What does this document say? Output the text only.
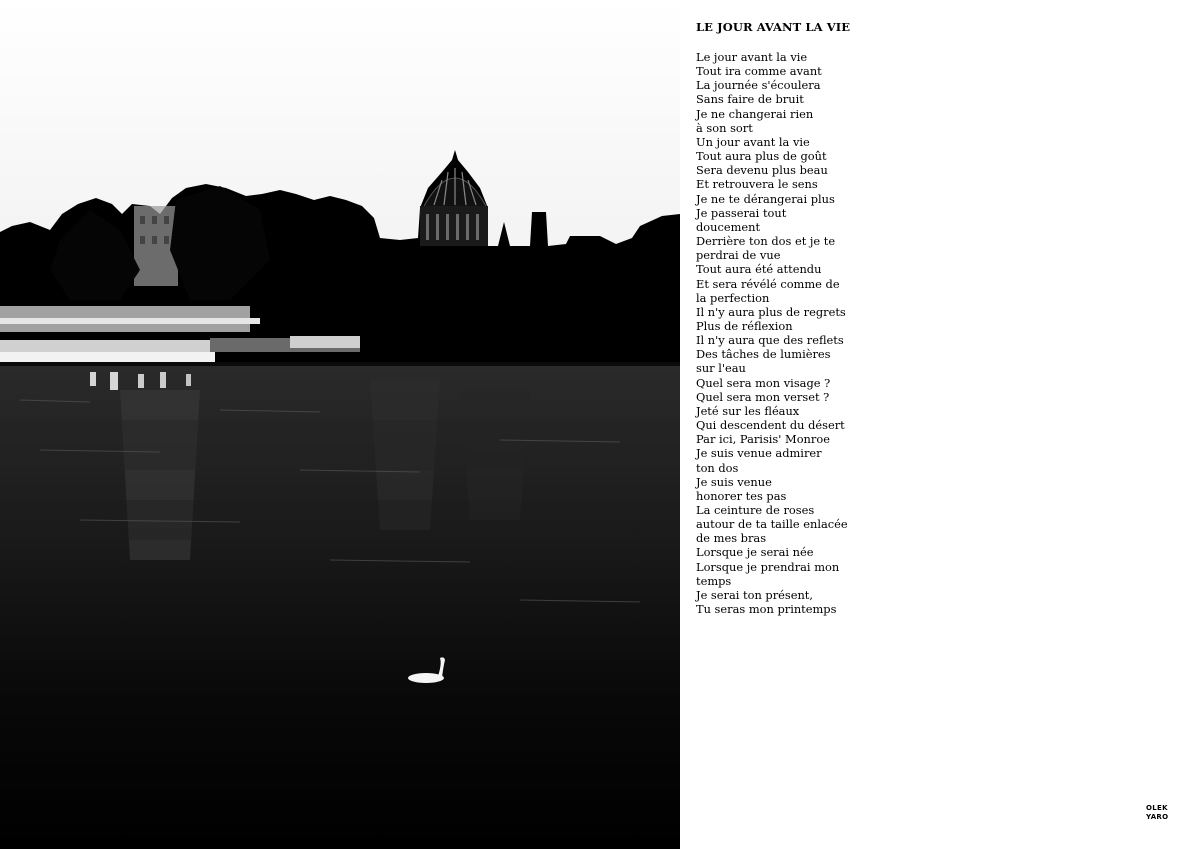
LE JOUR AVANT LA VIE
Le jour avant la vie
Tout ira comme avant
La journée s'écoulera
Sans faire de bruit
Je ne changerai rien
à son sort
Un jour avant la vie
Tout aura plus de goût
Sera devenu plus beau
Et retrouvera le sens
Je ne te dérangerai plus
Je passerai tout
doucement
Derrière ton dos et je te
perdrai de vue
Tout aura été attendu
Et sera révélé comme de
la perfection
Il n'y aura plus de regrets
Plus de réflexion
Il n'y aura que des reflets
Des tâches de lumières
sur l'eau
Quel sera mon visage ?
Quel sera mon verset ?
Jeté sur les fléaux
Qui descendent du désert
Par ici, Parisis' Monroe
Je suis venue admirer
ton dos
Je suis venue
honorer tes pas
La ceinture de roses
autour de ta taille enlacée
de mes bras
Lorsque je serai née
Lorsque je prendrai mon
temps
Je serai ton présent,
Tu seras mon printemps
OLEK
YARO
